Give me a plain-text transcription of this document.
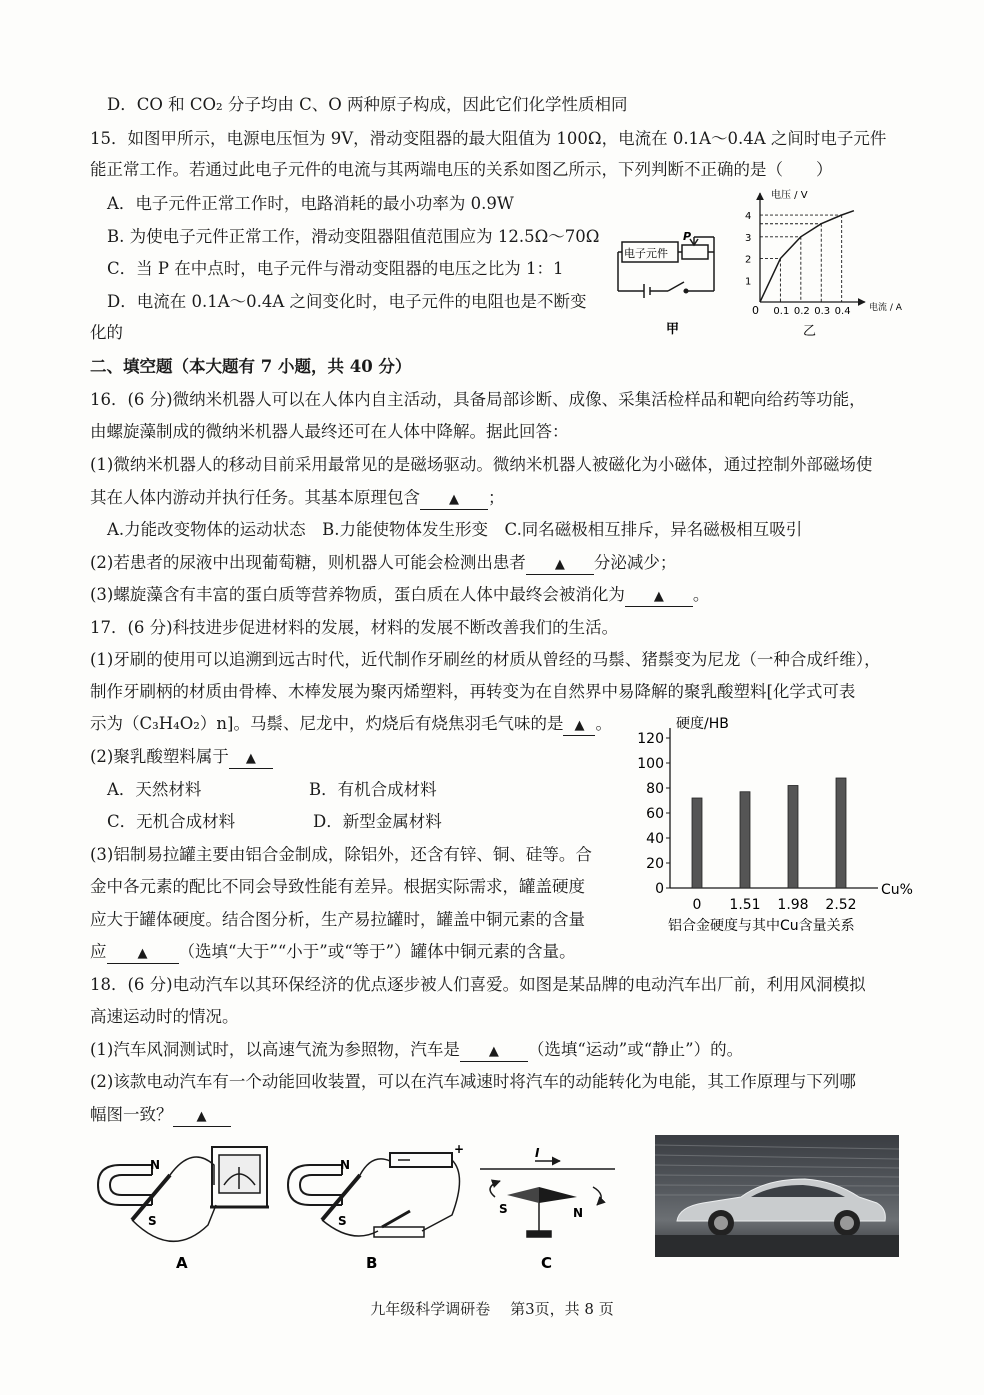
D．CO 和 CO₂ 分子均由 C、O 两种原子构成，因此它们化学性质相同
15．如图甲所示，电源电压恒为 9V，滑动变阻器的最大阻值为 100Ω，电流在 0.1A～0.4A 之间时电子元件
能正常工作。若通过此电子元件的电流与其两端电压的关系如图乙所示，下列判断不正确的是（　　）
A．电子元件正常工作时，电路消耗的最小功率为 0.9W
B. 为使电子元件正常工作，滑动变阻器阻值范围应为 12.5Ω～70Ω
C．当 P 在中点时，电子元件与滑动变阻器的电压之比为 1：1
D．电流在 0.1A～0.4A 之间变化时，电子元件的电阻也是不断变
化的
电子元件
P
甲
电压 / V
电流 / A
0 0.1 0.2 0.3 0.4
1
2
3
4
乙
二、填空题（本大题有 7 小题，共 40 分）
16．(6 分)微纳米机器人可以在人体内自主活动，具备局部诊断、成像、采集活检样品和靶向给药等功能，
由螺旋藻制成的微纳米机器人最终还可在人体中降解。据此回答：
(1)微纳米机器人的移动目前采用最常见的是磁场驱动。微纳米机器人被磁化为小磁体，通过控制外部磁场使
其在人体内游动并执行任务。其基本原理包含 ▲ ；
A.力能改变物体的运动状态　B.力能使物体发生形变　C.同名磁极相互排斥，异名磁极相互吸引
(2)若患者的尿液中出现葡萄糖，则机器人可能会检测出患者 ▲ 分泌减少；
(3)螺旋藻含有丰富的蛋白质等营养物质，蛋白质在人体中最终会被消化为 ▲ 。
17．(6 分)科技进步促进材料的发展，材料的发展不断改善我们的生活。
(1)牙刷的使用可以追溯到远古时代，近代制作牙刷丝的材质从曾经的马鬃、猪鬃变为尼龙（一种合成纤维），
制作牙刷柄的材质由骨棒、木棒发展为聚丙烯塑料，再转变为在自然界中易降解的聚乳酸塑料[化学式可表
示为（C₃H₄O₂）n]。马鬃、尼龙中，灼烧后有烧焦羽毛气味的是 ▲ 。
(2)聚乳酸塑料属于 ▲
A．天然材料	B．有机合成材料
C．无机合成材料	D．新型金属材料
(3)铝制易拉罐主要由铝合金制成，除铝外，还含有锌、铜、硅等。合
金中各元素的配比不同会导致性能有差异。根据实际需求，罐盖硬度
应大于罐体硬度。结合图分析，生产易拉罐时，罐盖中铜元素的含量
应 ▲ （选填“大于”“小于”或“等于”）罐体中铜元素的含量。
硬度/HB
Cu%
0
20
40
60
80
100
120
0 1.51 1.98 2.52
铝合金硬度与其中Cu含量关系
18．(6 分)电动汽车以其环保经济的优点逐步被人们喜爱。如图是某品牌的电动汽车出厂前，利用风洞模拟
高速运动时的情况。
(1)汽车风洞测试时，以高速气流为参照物，汽车是 ▲ （选填“运动”或“静止”）的。
(2)该款电动汽车有一个动能回收装置，可以在汽车减速时将汽车的动能转化为电能，其工作原理与下列哪
幅图一致？ ▲
N
S
A
N
S
+
B
I
S	N
C
九年级科学调研卷　 第3页，共 8 页
